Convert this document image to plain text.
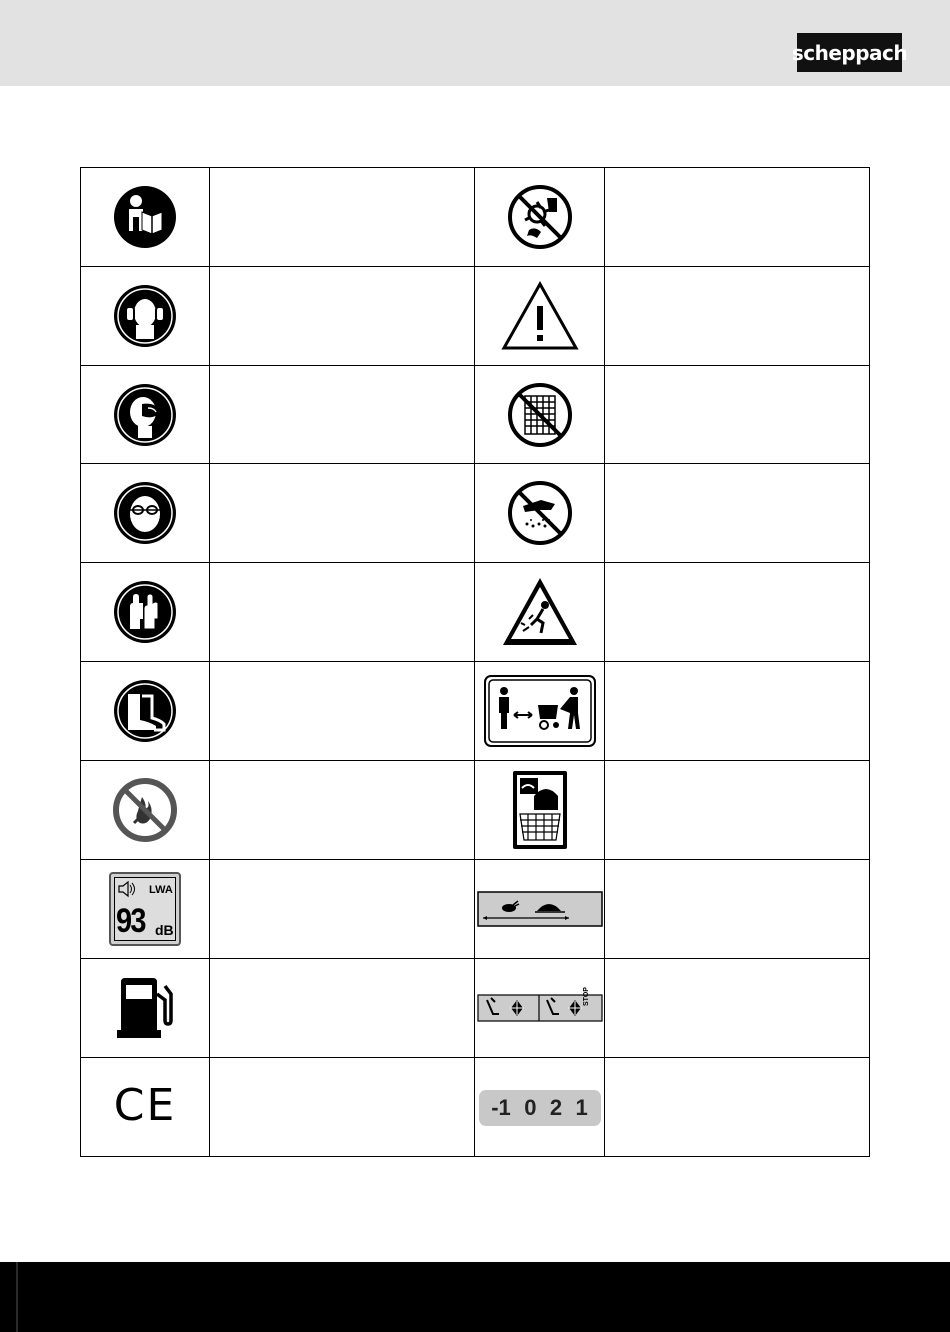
scheppach
LWA
93 dB
STOP
CE	-1 0 2 1
